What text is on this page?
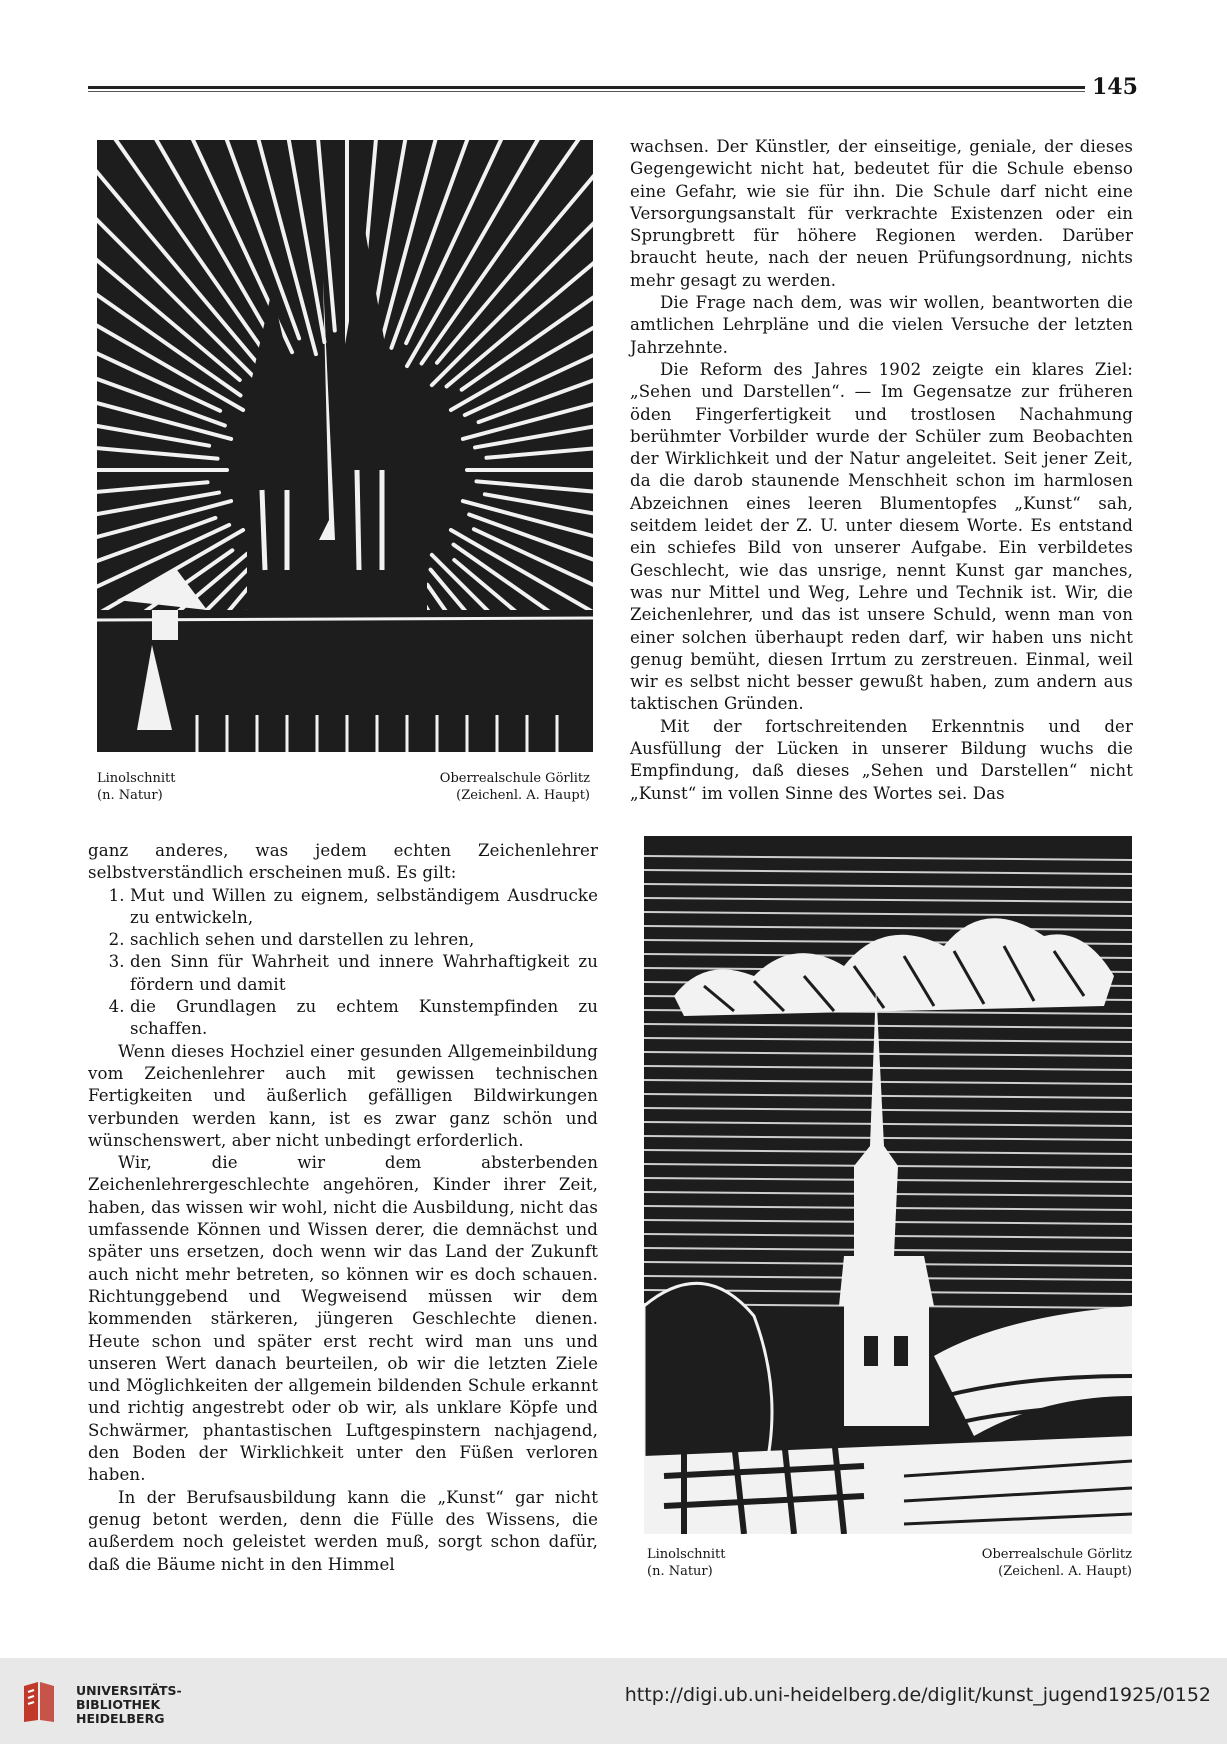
145
Linolschnitt
(n. Natur)
Oberrealschule Görlitz
(Zeichenl. A. Haupt)

wachsen. Der Künstler, der einseitige, geniale, der dieses Gegengewicht nicht hat, bedeutet für die Schule ebenso eine Gefahr, wie sie für ihn. Die Schule darf nicht eine Versorgungsanstalt für verkrachte Existenzen oder ein Sprungbrett für höhere Regionen werden. Darüber braucht heute, nach der neuen Prüfungsordnung, nichts mehr gesagt zu werden.

Die Frage nach dem, was wir wollen, beantworten die amtlichen Lehrpläne und die vielen Versuche der letzten Jahrzehnte.

Die Reform des Jahres 1902 zeigte ein klares Ziel: „Sehen und Darstellen“. — Im Gegensatze zur früheren öden Fingerfertigkeit und trostlosen Nachahmung berühmter Vorbilder wurde der Schüler zum Beobachten der Wirklichkeit und der Natur angeleitet. Seit jener Zeit, da die darob staunende Menschheit schon im harmlosen Abzeichnen eines leeren Blumentopfes „Kunst“ sah, seitdem leidet der Z. U. unter diesem Worte. Es entstand ein schiefes Bild von unserer Aufgabe. Ein verbildetes Geschlecht, wie das unsrige, nennt Kunst gar manches, was nur Mittel und Weg, Lehre und Technik ist. Wir, die Zeichenlehrer, und das ist unsere Schuld, wenn man von einer solchen überhaupt reden darf, wir haben uns nicht genug bemüht, diesen Irrtum zu zerstreuen. Einmal, weil wir es selbst nicht besser gewußt haben, zum andern aus taktischen Gründen.

Mit der fortschreitenden Erkenntnis und der Ausfüllung der Lücken in unserer Bildung wuchs die Empfindung, daß dieses „Sehen und Darstellen“ nicht „Kunst“ im vollen Sinne des Wortes sei. Das

Linolschnitt
(n. Natur)
Oberrealschule Görlitz
(Zeichenl. A. Haupt)

ganz anderes, was jedem echten Zeichenlehrer selbstverständlich erscheinen muß. Es gilt:

1. Mut und Willen zu eignem, selbständigem Ausdrucke zu entwickeln,
2. sachlich sehen und darstellen zu lehren,
3. den Sinn für Wahrheit und innere Wahrhaftigkeit zu fördern und damit
4. die Grundlagen zu echtem Kunstempfinden zu schaffen.

Wenn dieses Hochziel einer gesunden Allgemeinbildung vom Zeichenlehrer auch mit gewissen technischen Fertigkeiten und äußerlich gefälligen Bildwirkungen verbunden werden kann, ist es zwar ganz schön und wünschenswert, aber nicht unbedingt erforderlich.

Wir, die wir dem absterbenden Zeichenlehrergeschlechte angehören, Kinder ihrer Zeit, haben, das wissen wir wohl, nicht die Ausbildung, nicht das umfassende Können und Wissen derer, die demnächst und später uns ersetzen, doch wenn wir das Land der Zukunft auch nicht mehr betreten, so können wir es doch schauen. Richtunggebend und Wegweisend müssen wir dem kommenden stärkeren, jüngeren Geschlechte dienen. Heute schon und später erst recht wird man uns und unseren Wert danach beurteilen, ob wir die letzten Ziele und Möglichkeiten der allgemein bildenden Schule erkannt und richtig angestrebt oder ob wir, als unklare Köpfe und Schwärmer, phantastischen Luftgespinstern nachjagend, den Boden der Wirklichkeit unter den Füßen verloren haben.

In der Berufsausbildung kann die „Kunst“ gar nicht genug betont werden, denn die Fülle des Wissens, die außerdem noch geleistet werden muß, sorgt schon dafür, daß die Bäume nicht in den Himmel

UNIVERSITÄTS-
BIBLIOTHEK
HEIDELBERG
http://digi.ub.uni-heidelberg.de/diglit/kunst_jugend1925/0152
